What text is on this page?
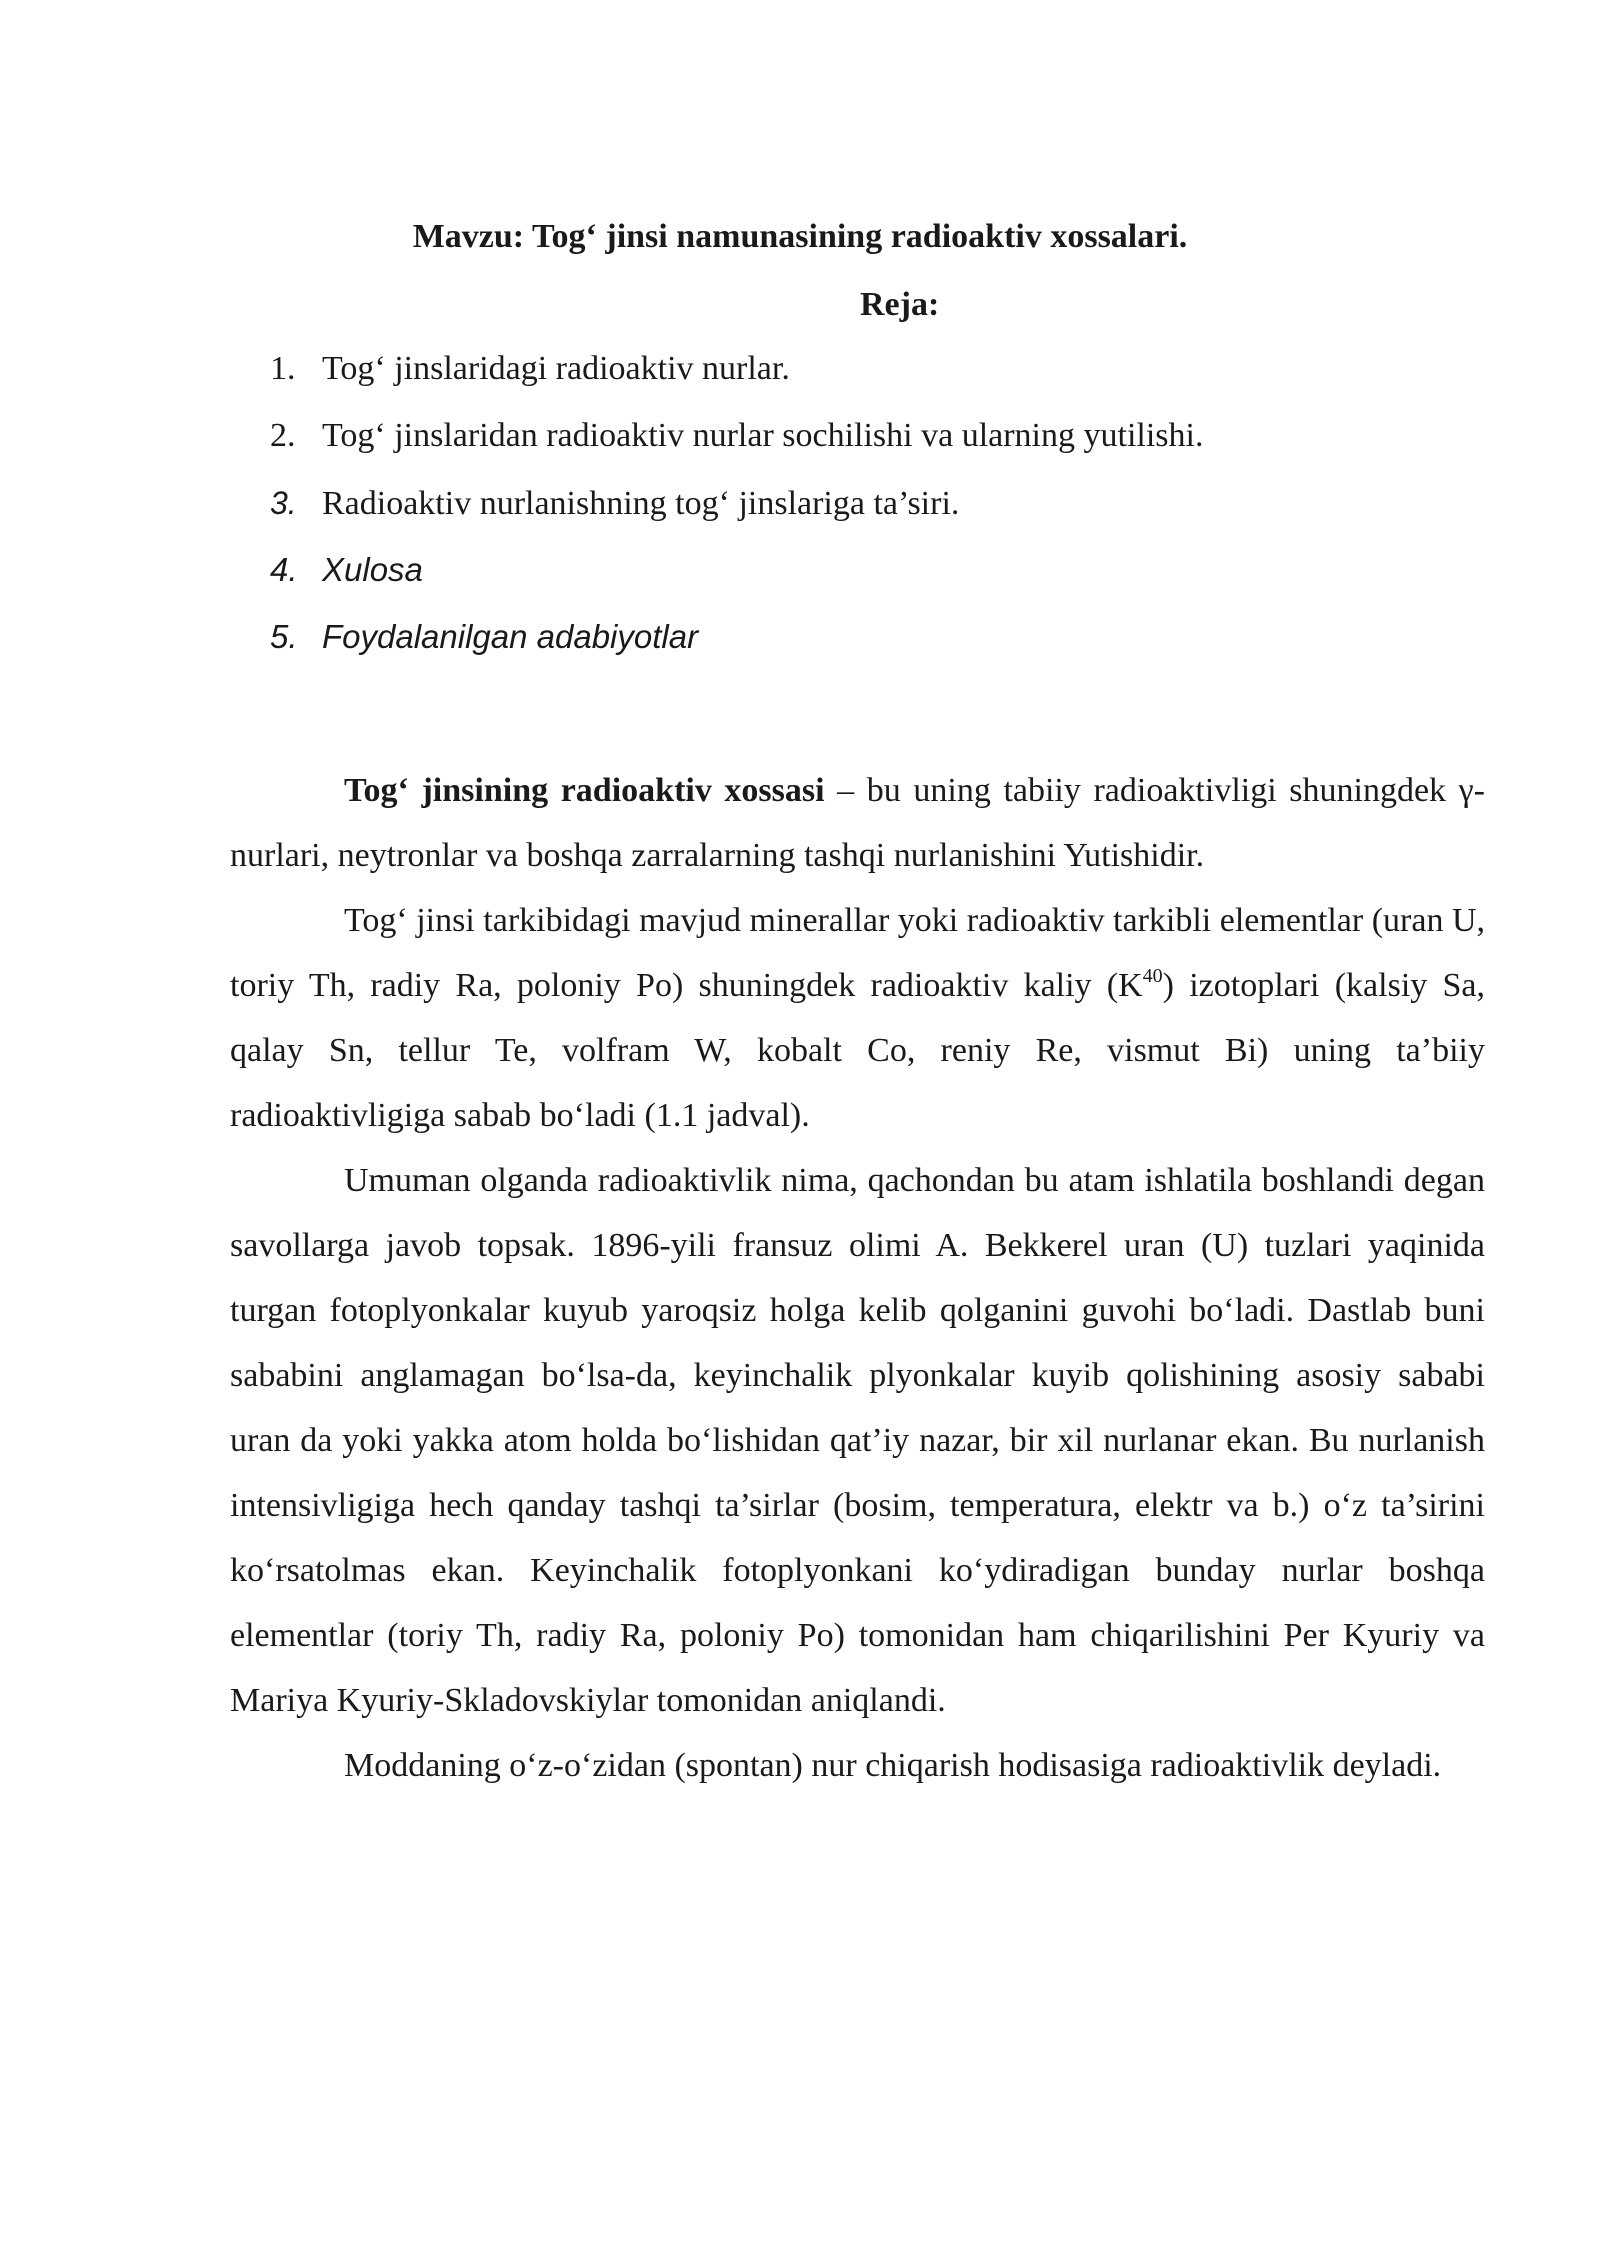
Mavzu: Tog‘ jinsi namunasining radioaktiv xossalari.
Reja:
1. Tog‘ jinslaridagi radioaktiv nurlar.
2. Tog‘ jinslaridan radioaktiv nurlar sochilishi va ularning yutilishi.
3. Radioaktiv nurlanishning tog‘ jinslariga ta’siri.
4. Xulosa
5. Foydalanilgan adabiyotlar

Tog‘ jinsining radioaktiv xossasi – bu uning tabiiy radioaktivligi shuningdek γ-nurlari, neytronlar va boshqa zarralarning tashqi nurlanishini Yutishidir.

Tog‘ jinsi tarkibidagi mavjud minerallar yoki radioaktiv tarkibli elementlar (uran U, toriy Th, radiy Ra, poloniy Po) shuningdek radioaktiv kaliy $(K^{40})$ izotoplari (kalsiy Sa, qalay Sn, tellur Te, volfram W, kobalt Co, reniy Re, vismut Bi) uning ta’biiy radioaktivligiga sabab bo‘ladi (1.1 jadval).

Umuman olganda radioaktivlik nima, qachondan bu atam ishlatila boshlandi degan savollarga javob topsak. 1896-yili fransuz olimi A. Bekkerel uran (U) tuzlari yaqinida turgan fotoplyonkalar kuyub yaroqsiz holga kelib qolganini guvohi bo‘ladi. Dastlab buni sababini anglamagan bo‘lsa-da, keyinchalik plyonkalar kuyib qolishining asosiy sababi uran da yoki yakka atom holda bo‘lishidan qat’iy nazar, bir xil nurlanar ekan. Bu nurlanish intensivligiga hech qanday tashqi ta’sirlar (bosim, temperatura, elektr va b.) o‘z ta’sirini ko‘rsatolmas ekan. Keyinchalik fotoplyonkani ko‘ydiradigan bunday nurlar boshqa elementlar (toriy Th, radiy Ra, poloniy Po) tomonidan ham chiqarilishini Per Kyuriy va Mariya Kyuriy-Skladovskiylar tomonidan aniqlandi.

Moddaning o‘z-o‘zidan (spontan) nur chiqarish hodisasiga radioaktivlik deyladi.
